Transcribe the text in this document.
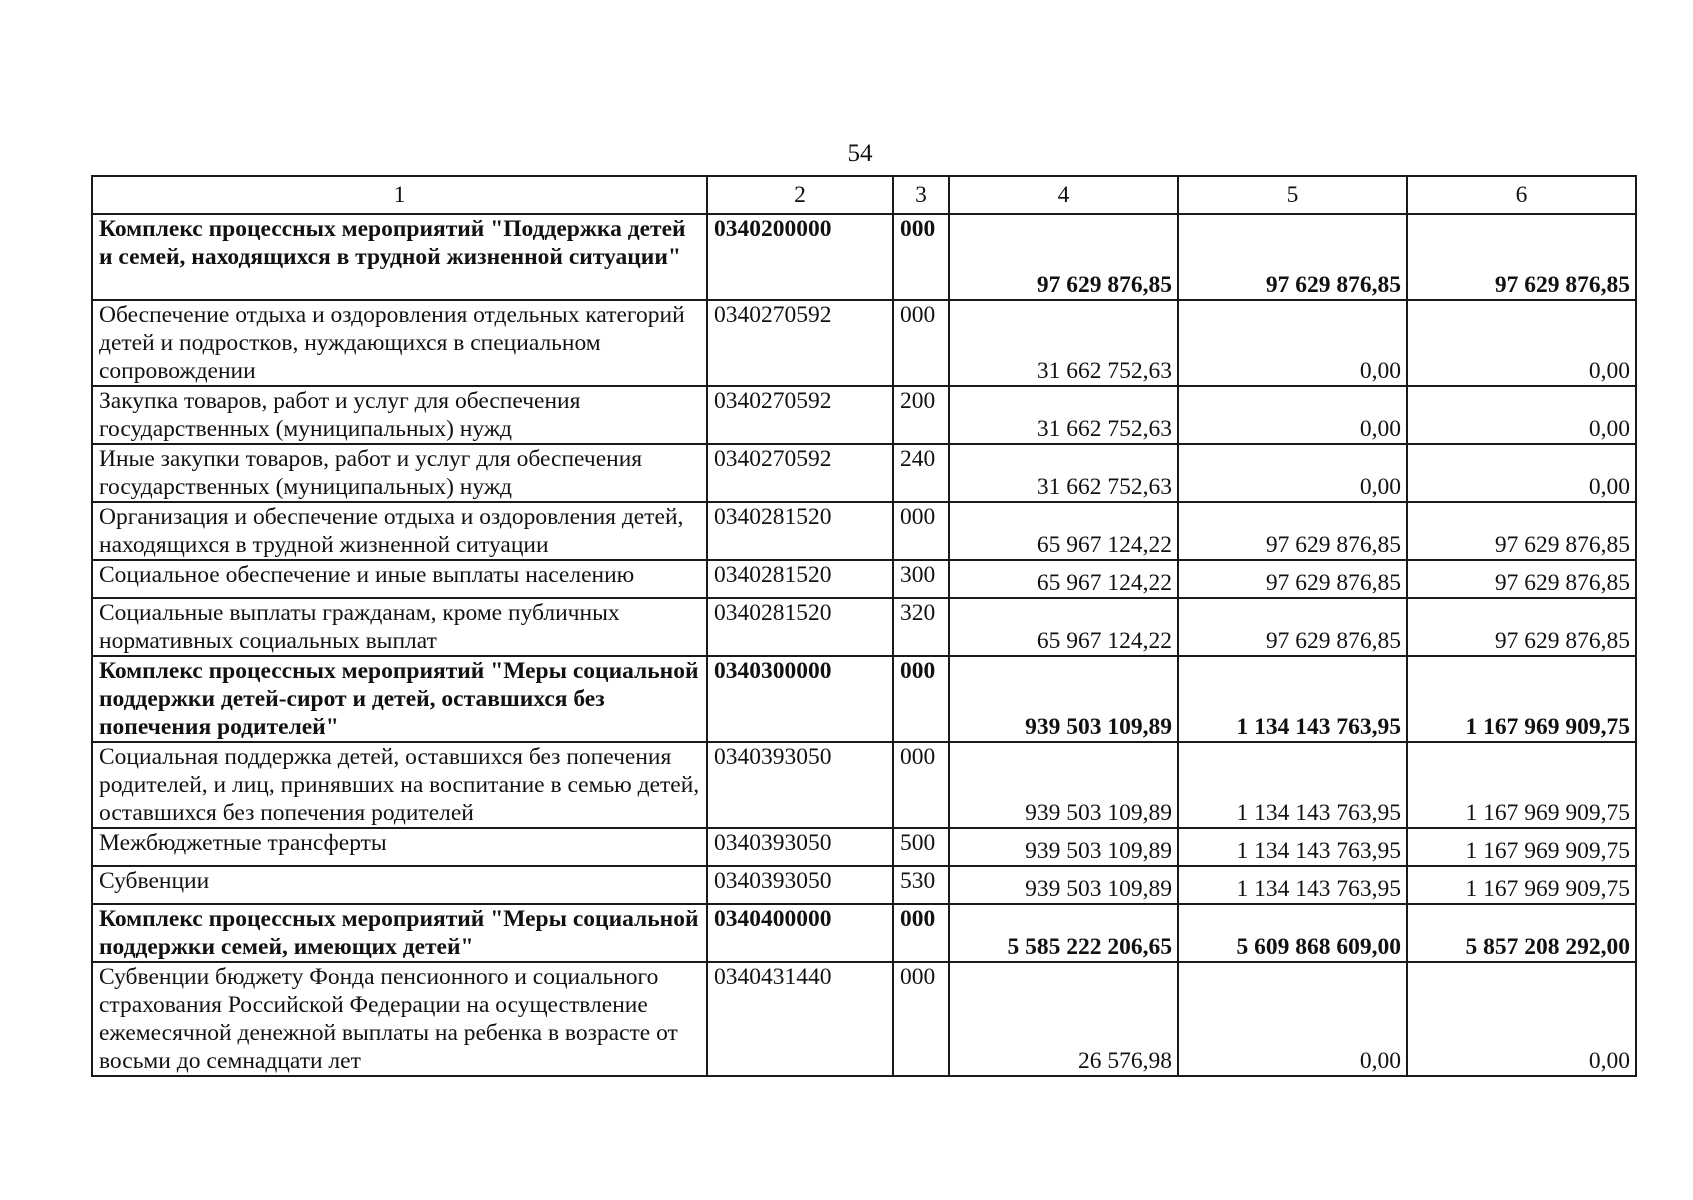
54
1	2	3	4	5	6
Комплекс процессных мероприятий "Поддержка детей и семей, находящихся в трудной жизненной ситуации"	0340200000	000	97 629 876,85	97 629 876,85	97 629 876,85
Обеспечение отдыха и оздоровления отдельных категорий детей и подростков, нуждающихся в специальном сопровождении	0340270592	000	31 662 752,63	0,00	0,00
Закупка товаров, работ и услуг для обеспечения государственных (муниципальных) нужд	0340270592	200	31 662 752,63	0,00	0,00
Иные закупки товаров, работ и услуг для обеспечения государственных (муниципальных) нужд	0340270592	240	31 662 752,63	0,00	0,00
Организация и обеспечение отдыха и оздоровления детей, находящихся в трудной жизненной ситуации	0340281520	000	65 967 124,22	97 629 876,85	97 629 876,85
Социальное обеспечение и иные выплаты населению	0340281520	300	65 967 124,22	97 629 876,85	97 629 876,85
Социальные выплаты гражданам, кроме публичных нормативных социальных выплат	0340281520	320	65 967 124,22	97 629 876,85	97 629 876,85
Комплекс процессных мероприятий "Меры социальной поддержки детей-сирот и детей, оставшихся без попечения родителей"	0340300000	000	939 503 109,89	1 134 143 763,95	1 167 969 909,75
Социальная поддержка детей, оставшихся без попечения родителей, и лиц, принявших на воспитание в семью детей, оставшихся без попечения родителей	0340393050	000	939 503 109,89	1 134 143 763,95	1 167 969 909,75
Межбюджетные трансферты	0340393050	500	939 503 109,89	1 134 143 763,95	1 167 969 909,75
Субвенции	0340393050	530	939 503 109,89	1 134 143 763,95	1 167 969 909,75
Комплекс процессных мероприятий "Меры социальной поддержки семей, имеющих детей"	0340400000	000	5 585 222 206,65	5 609 868 609,00	5 857 208 292,00
Субвенции бюджету Фонда пенсионного и социального страхования Российской Федерации на осуществление ежемесячной денежной выплаты на ребенка в возрасте от восьми до семнадцати лет	0340431440	000	26 576,98	0,00	0,00
